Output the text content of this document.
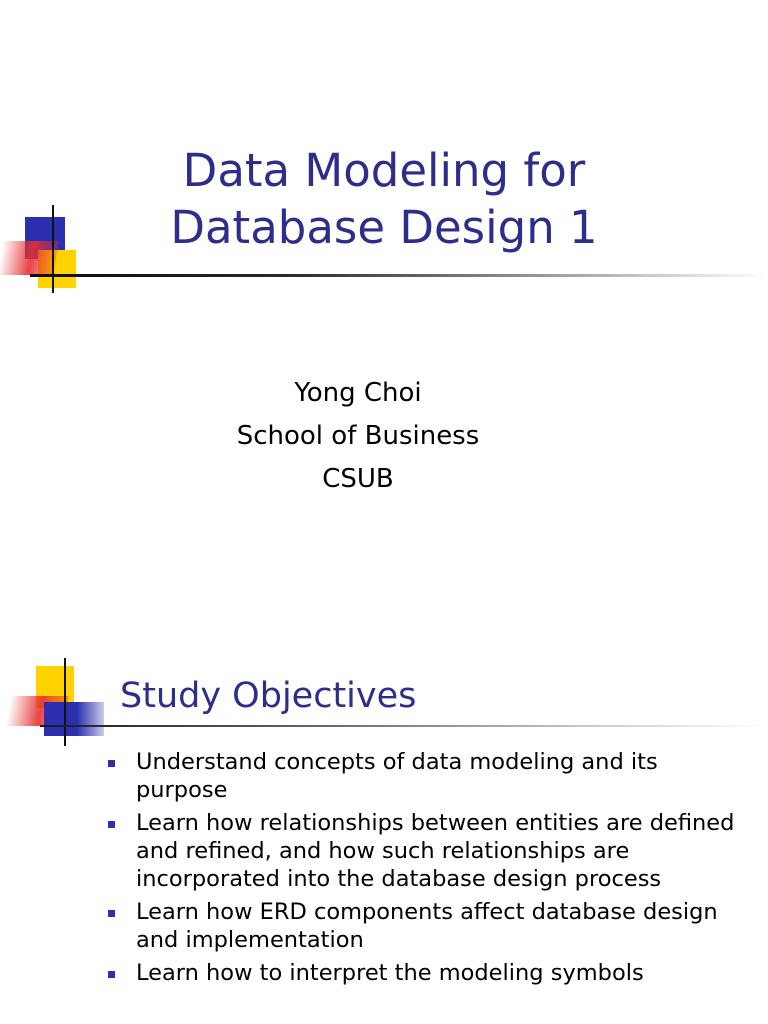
Data Modeling for
Database Design 1
Yong Choi
School of Business
CSUB
Study Objectives
Understand concepts of data modeling and its purpose
Learn how relationships between entities are defined and refined, and how such relationships are incorporated into the database design process
Learn how ERD components affect database design and implementation
Learn how to interpret the modeling symbols
